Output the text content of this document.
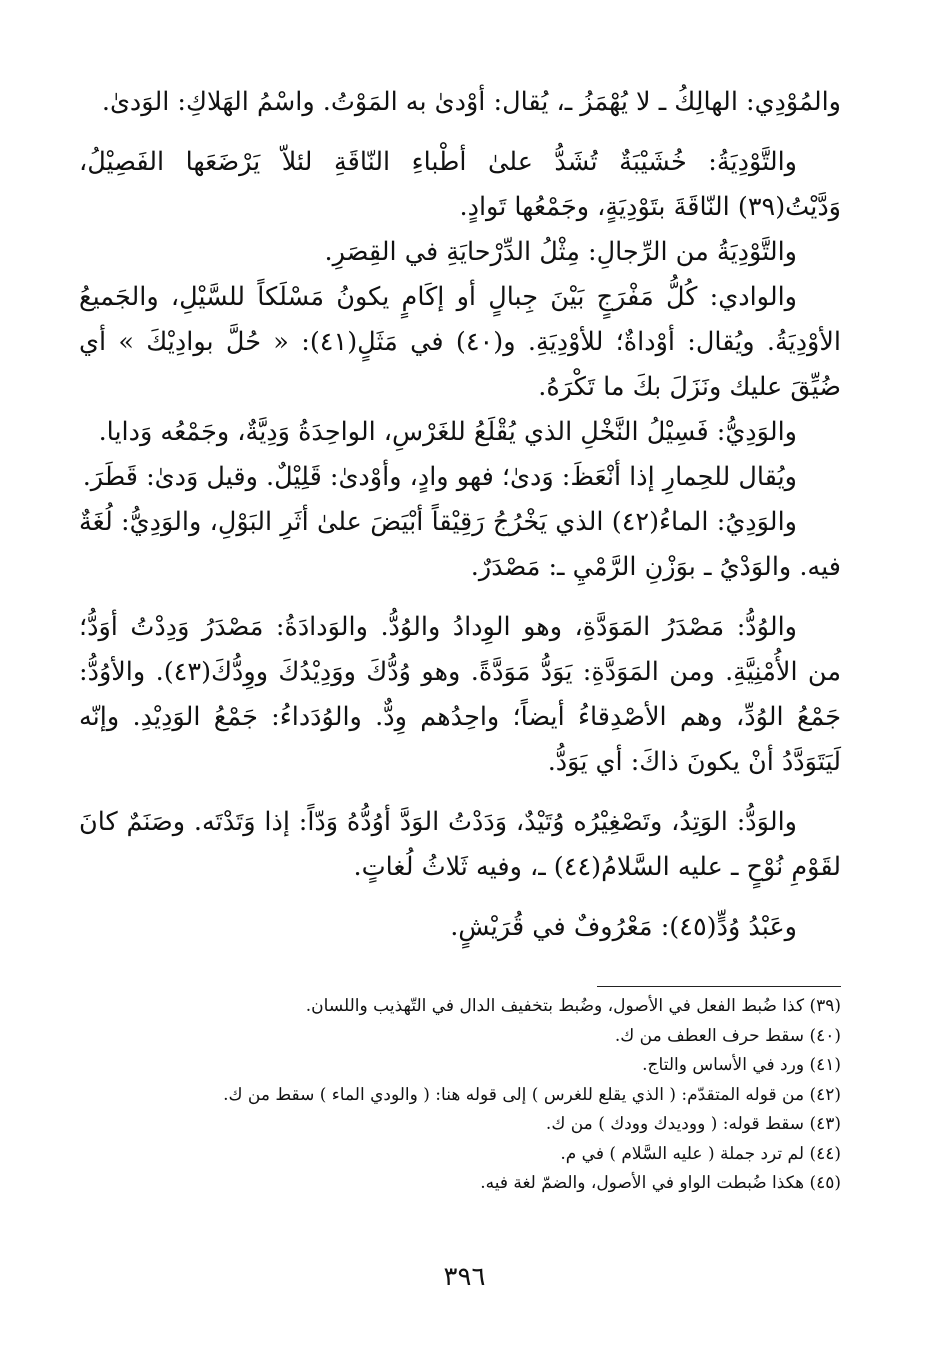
والمُوْدِي: الهالِكُ ـ لا يُهْمَزُ ـ، يُقال: أوْدىٰ به المَوْتُ. واسْمُ الهَلاكِ: الوَدىٰ.

والتَّوْدِيَةُ: خُشَيْبَةٌ تُشَدُّ علىٰ أطْباءِ النّاقَةِ لئلاّ يَرْضَعَها الفَصِيْلُ، وَدَّيْتُ(٣٩) النّاقَةَ بتَوْدِيَةٍ، وجَمْعُها تَوادٍ.

والتَّوْدِيَةُ من الرِّجالِ: مِثْلُ الدِّرْحايَةِ في القِصَرِ.

والوادي: كُلُّ مَفْرَجٍ بَيْنَ جِبالٍ أو إكَامٍ يكونُ مَسْلَكاً للسَّيْلِ، والجَميعُ الأوْدِيَةُ. ويُقال: أوْداةٌ؛ للأوْدِيَةِ. و(٤٠) في مَثَلٍ(٤١): « حُلَّ بوادِيْكَ » أي ضُيِّقَ عليك ونَزَلَ بكَ ما تَكْرَهُ.

والوَدِيُّ: فَسِيْلُ النَّخْلِ الذي يُقْلَعُ للغَرْسِ، الواحِدَةُ وَدِيَّةٌ، وجَمْعُه وَدايا.

ويُقال للحِمارِ إذا أنْعَظَ: وَدىٰ؛ فهو وادٍ، وأوْدىٰ: قَلِيْلٌ. وقيل وَدىٰ: قَطَرَ.

والوَدِيُ: الماءُ(٤٢) الذي يَخْرُجُ رَقِيْقاً أبْيَضَ علىٰ أثَرِ البَوْلِ، والوَدِيُّ: لُغَةٌ فيه. والوَدْيُ ـ بوَزْنِ الرَّمْيِ ـ: مَصْدَرٌ.

والوُدُّ: مَصْدَرُ المَوَدَّةِ، وهو الوِدادُ والوُدُّ. والوَدادَةُ: مَصْدَرُ وَدِدْتُ أوَدُّ؛ من الأُمْنِيَّةِ. ومن المَوَدَّةِ: يَوَدُّ مَوَدَّةً. وهو وُدُّكَ ووَدِيْدُكَ ووِدُّكَ(٤٣). والأوُدُّ: جَمْعُ الوُدِّ، وهم الأصْدِقاءُ أيضاً؛ واحِدُهم وِدٌّ. والوُدَداءُ: جَمْعُ الوَدِيْدِ. وإنّه لَيَتَوَدَّدُ أنْ يكونَ ذاكَ: أي يَوَدُّ.

والوَدُّ: الوَتِدُ، وتَصْغِيْرُه وُتَيْدٌ، وَدَدْتُ الوَدَّ أوُدُّهُ وَدّاً: إذا وَتَدْتَه. وصَنَمٌ كانَ لقَوْمِ نُوْحٍ ـ عليه السَّلامُ(٤٤) ـ، وفيه ثَلاثُ لُغاتٍ.

وعَبْدُ وُدٍّ(٤٥): مَعْرُوفٌ في قُرَيْشٍ.

(٣٩) كذا ضُبط الفعل في الأصول، وضُبط بتخفيف الدال في التّهذيب واللسان.
(٤٠) سقط حرف العطف من ك.
(٤١) ورد في الأساس والتاج.
(٤٢) من قوله المتقدّم: ( الذي يقلع للغرس ) إلى قوله هنا: ( والودي الماء ) سقط من ك.
(٤٣) سقط قوله: ( ووديدك وودك ) من ك.
(٤٤) لم ترد جملة ( عليه السَّلام ) في م.
(٤٥) هكذا ضُبطت الواو في الأصول، والضمّ لغة فيه.
٣٩٦
